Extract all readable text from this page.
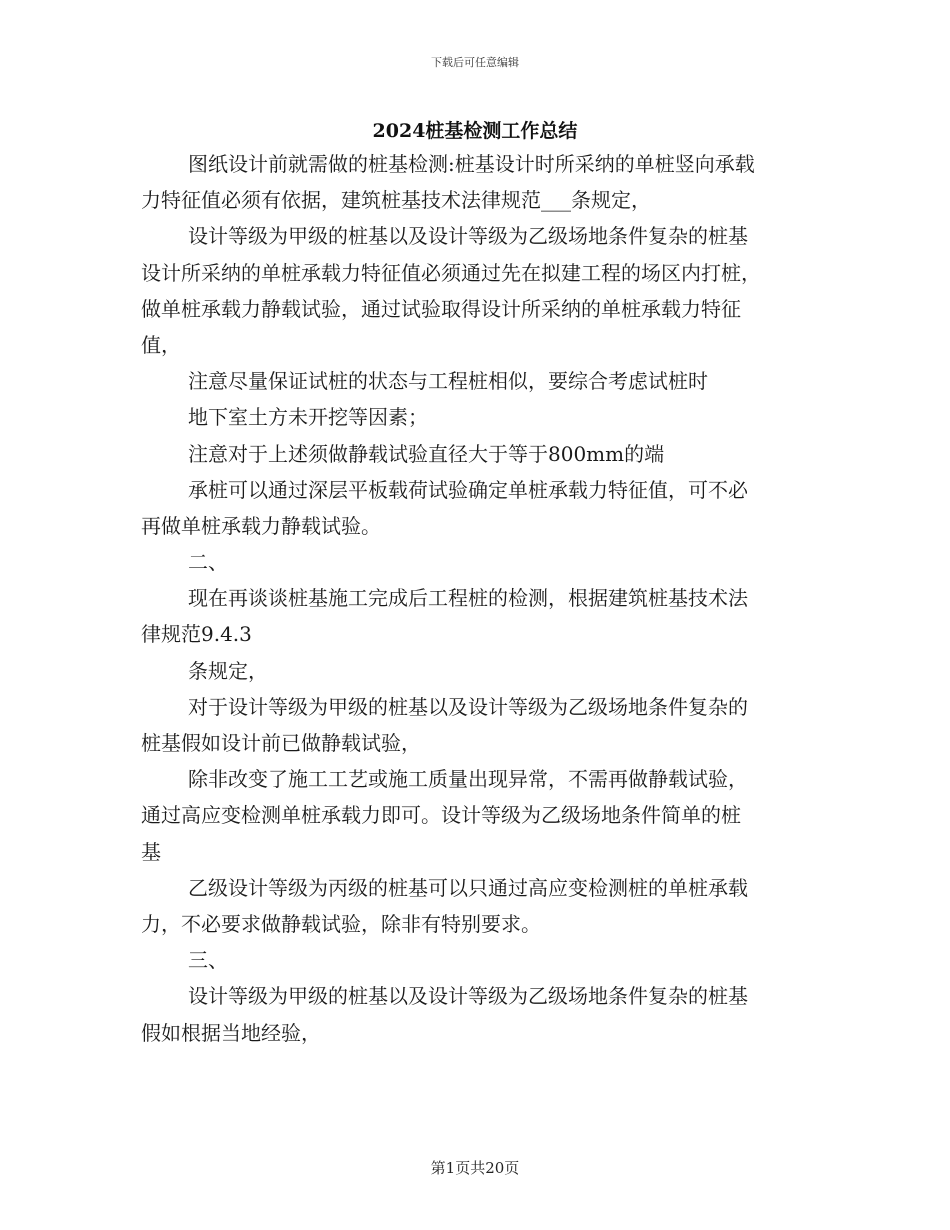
下载后可任意编辑
2024桩基检测工作总结
图纸设计前就需做的桩基检测:桩基设计时所采纳的单桩竖向承载
力特征值必须有依据，建筑桩基技术法律规范___条规定，
设计等级为甲级的桩基以及设计等级为乙级场地条件复杂的桩基
设计所采纳的单桩承载力特征值必须通过先在拟建工程的场区内打桩，
做单桩承载力静载试验，通过试验取得设计所采纳的单桩承载力特征
值，
注意尽量保证试桩的状态与工程桩相似，要综合考虑试桩时
地下室土方未开挖等因素；
注意对于上述须做静载试验直径大于等于800mm的端
承桩可以通过深层平板载荷试验确定单桩承载力特征值，可不必
再做单桩承载力静载试验。
二、
现在再谈谈桩基施工完成后工程桩的检测，根据建筑桩基技术法
律规范9.4.3
条规定，
对于设计等级为甲级的桩基以及设计等级为乙级场地条件复杂的
桩基假如设计前已做静载试验，
除非改变了施工工艺或施工质量出现异常，不需再做静载试验，
通过高应变检测单桩承载力即可。设计等级为乙级场地条件简单的桩
基
乙级设计等级为丙级的桩基可以只通过高应变检测桩的单桩承载
力，不必要求做静载试验，除非有特别要求。
三、
设计等级为甲级的桩基以及设计等级为乙级场地条件复杂的桩基
假如根据当地经验，
第1页共20页
